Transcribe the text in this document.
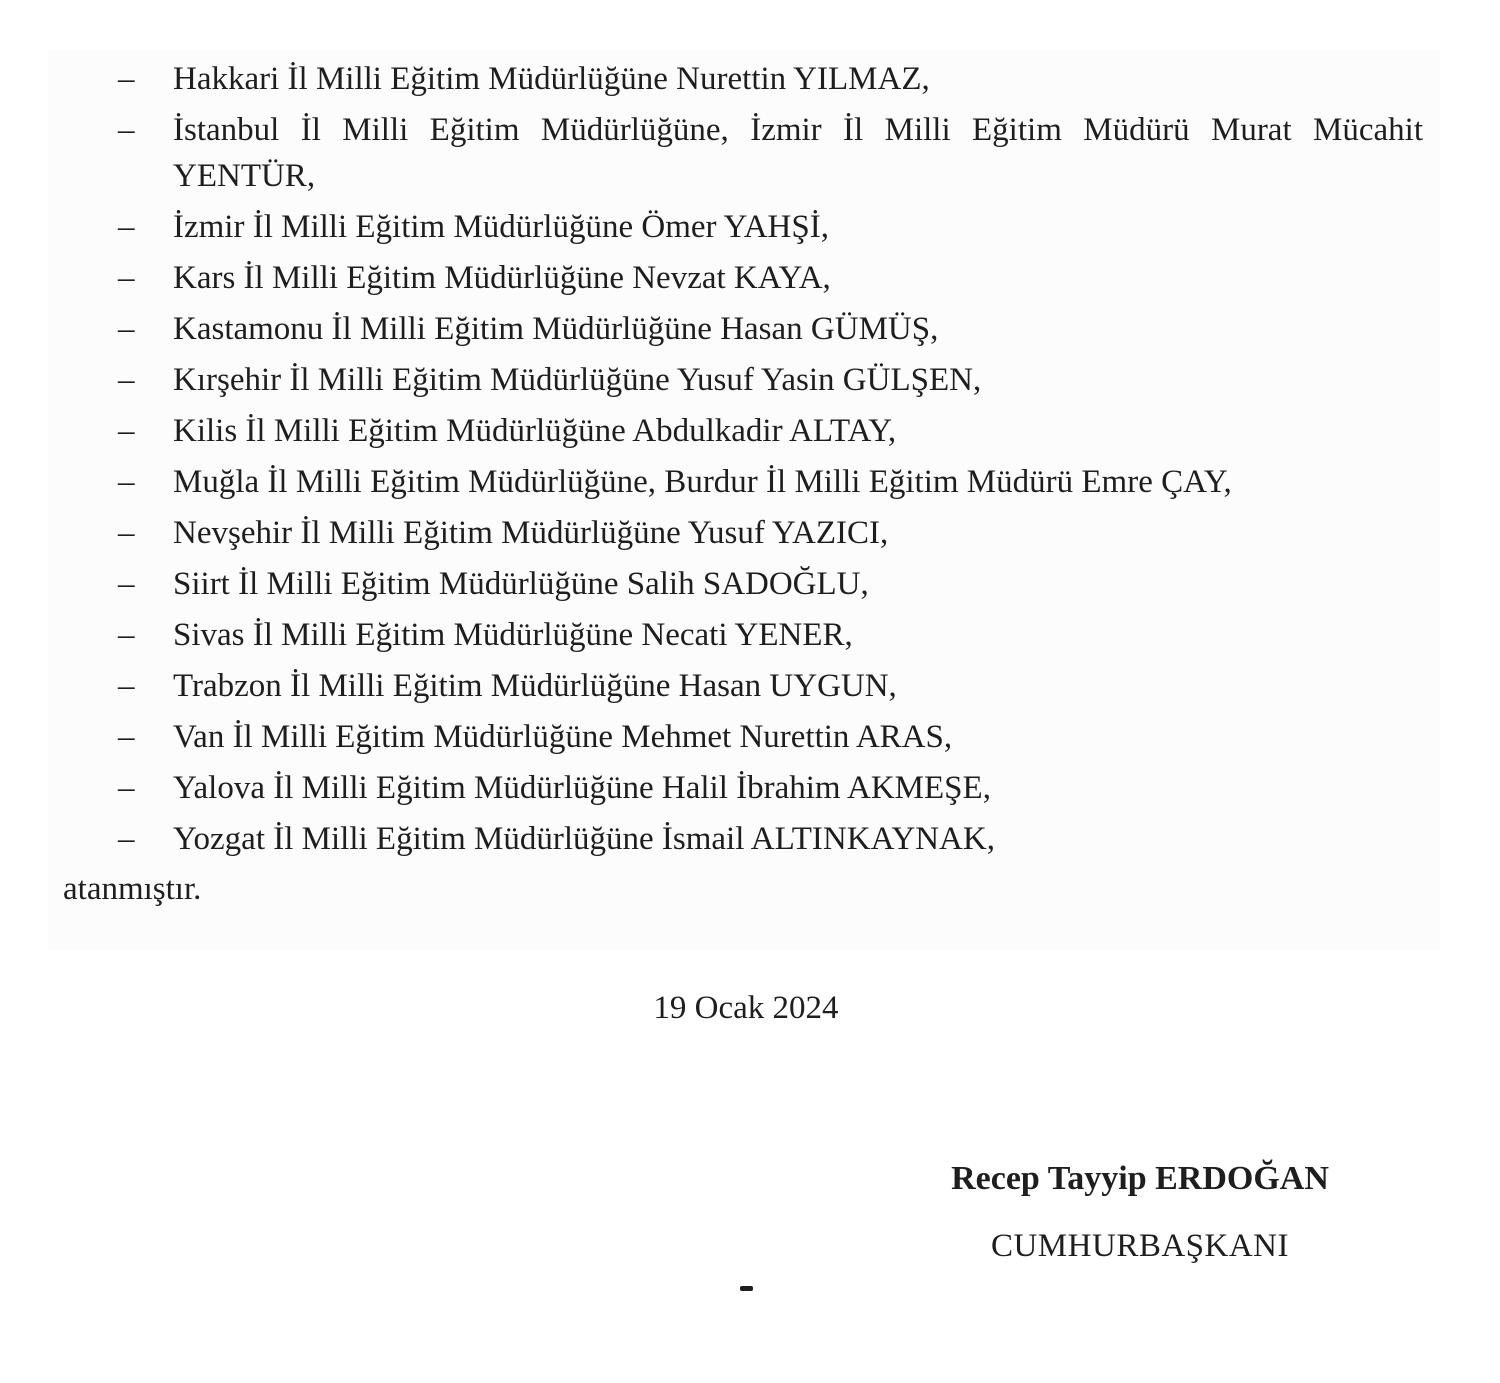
– Hakkari İl Milli Eğitim Müdürlüğüne Nurettin YILMAZ,
– İstanbul İl Milli Eğitim Müdürlüğüne, İzmir İl Milli Eğitim Müdürü Murat Mücahit YENTÜR,
– İzmir İl Milli Eğitim Müdürlüğüne Ömer YAHŞİ,
– Kars İl Milli Eğitim Müdürlüğüne Nevzat KAYA,
– Kastamonu İl Milli Eğitim Müdürlüğüne Hasan GÜMÜŞ,
– Kırşehir İl Milli Eğitim Müdürlüğüne Yusuf Yasin GÜLŞEN,
– Kilis İl Milli Eğitim Müdürlüğüne Abdulkadir ALTAY,
– Muğla İl Milli Eğitim Müdürlüğüne, Burdur İl Milli Eğitim Müdürü Emre ÇAY,
– Nevşehir İl Milli Eğitim Müdürlüğüne Yusuf YAZICI,
– Siirt İl Milli Eğitim Müdürlüğüne Salih SADOĞLU,
– Sivas İl Milli Eğitim Müdürlüğüne Necati YENER,
– Trabzon İl Milli Eğitim Müdürlüğüne Hasan UYGUN,
– Van İl Milli Eğitim Müdürlüğüne Mehmet Nurettin ARAS,
– Yalova İl Milli Eğitim Müdürlüğüne Halil İbrahim AKMEŞE,
– Yozgat İl Milli Eğitim Müdürlüğüne İsmail ALTINKAYNAK,
atanmıştır.
19 Ocak 2024
Recep Tayyip ERDOĞAN
CUMHURBAŞKANI
